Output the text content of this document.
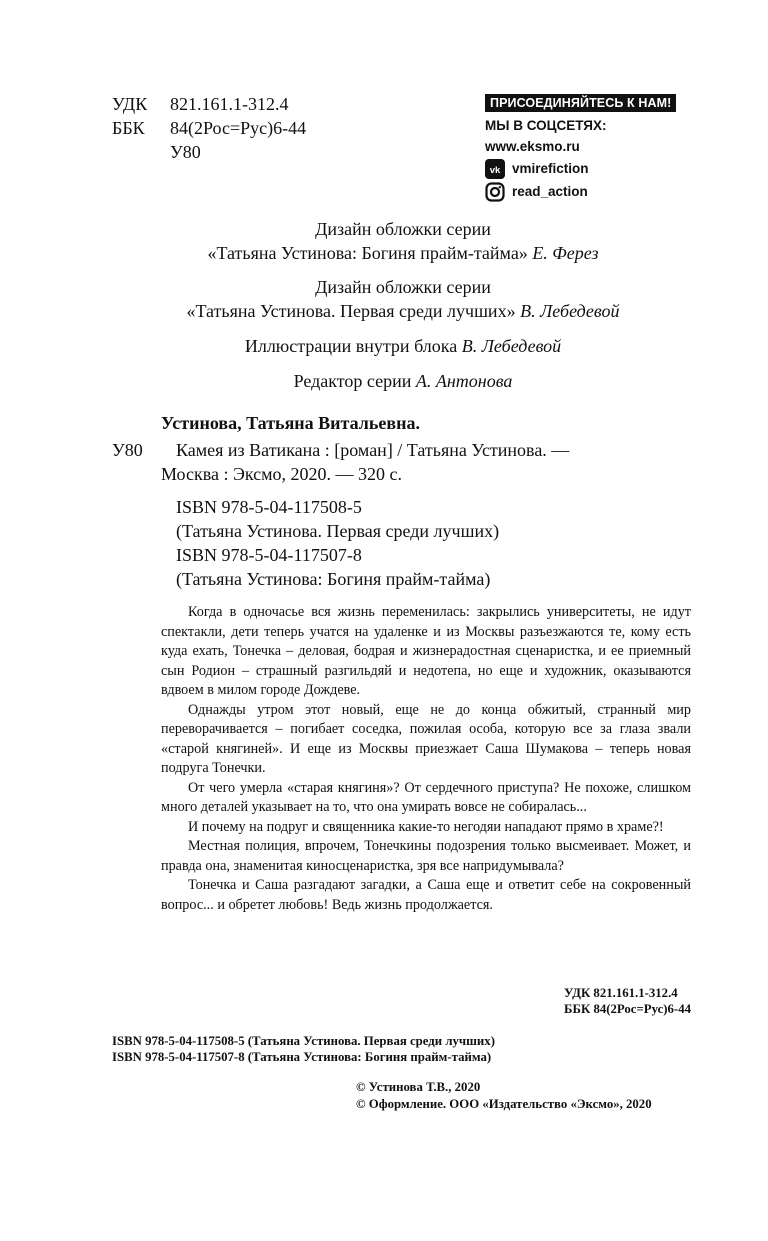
УДК	821.161.1-312.4
ББК	84(2Рос=Рус)6-44
У80
ПРИСОЕДИНЯЙТЕСЬ К НАМ!
МЫ В СОЦСЕТЯХ:
www.eksmo.ru
vk vmirefiction
read_action
Дизайн обложки серии
«Татьяна Устинова: Богиня прайм-тайма» Е. Ферез
Дизайн обложки серии
«Татьяна Устинова. Первая среди лучших» В. Лебедевой
Иллюстрации внутри блока В. Лебедевой
Редактор серии А. Антонова
Устинова, Татьяна Витальевна.
У80 Камея из Ватикана : [роман] / Татьяна Устинова. —
Москва : Эксмо, 2020. — 320 с.
ISBN 978-5-04-117508-5
(Татьяна Устинова. Первая среди лучших)
ISBN 978-5-04-117507-8
(Татьяна Устинова: Богиня прайм-тайма)

Когда в одночасье вся жизнь переменилась: закрылись университеты, не идут спектакли, дети теперь учатся на удаленке и из Москвы разъезжаются те, кому есть куда ехать, Тонечка – деловая, бодрая и жизнерадостная сценаристка, и ее приемный сын Родион – страшный разгильдяй и недотепа, но еще и художник, оказываются вдвоем в милом городе Дождеве.

Однажды утром этот новый, еще не до конца обжитый, странный мир переворачивается – погибает соседка, пожилая особа, которую все за глаза звали «старой княгиней». И еще из Москвы приезжает Саша Шумакова – теперь новая подруга Тонечки.

От чего умерла «старая княгиня»? От сердечного приступа? Не похоже, слишком много деталей указывает на то, что она умирать вовсе не собиралась...

И почему на подруг и священника какие-то негодяи нападают прямо в храме?!

Местная полиция, впрочем, Тонечкины подозрения только высмеивает. Может, и правда она, знаменитая киносценаристка, зря все напридумывала?

Тонечка и Саша разгадают загадки, а Саша еще и ответит себе на сокровенный вопрос... и обретет любовь! Ведь жизнь продолжается.

УДК 821.161.1-312.4
ББК 84(2Рос=Рус)6-44
ISBN 978-5-04-117508-5 (Татьяна Устинова. Первая среди лучших)
ISBN 978-5-04-117507-8 (Татьяна Устинова: Богиня прайм-тайма)
© Устинова Т.В., 2020
© Оформление. ООО «Издательство «Эксмо», 2020
